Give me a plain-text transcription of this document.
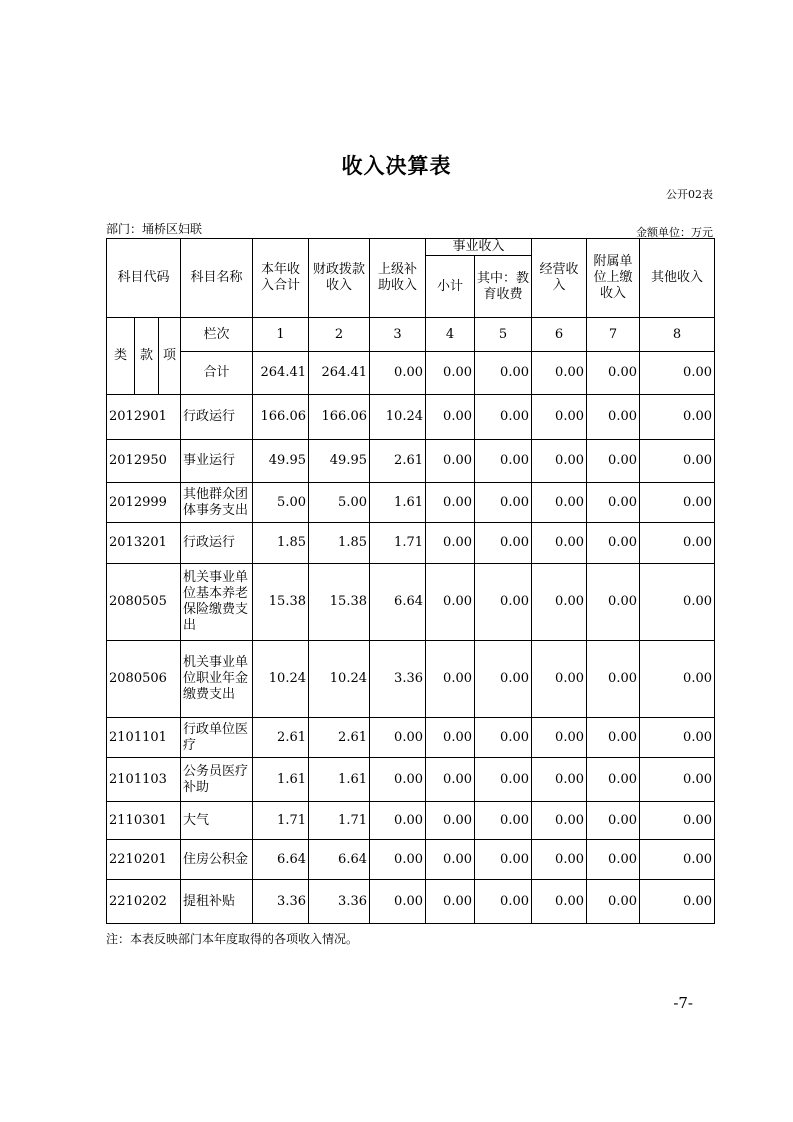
收入决算表
公开02表
部门：埇桥区妇联	金额单位：万元
科目代码			科目名称	本年收入合计	财政拨款收入	上级补助收入	事业收入		经营收入	附属单位上缴收入	其他收入
							小计	其中：教育收费			
类	款	项	栏次	1	2	3	4	5	6	7	8
			合计	264.41	264.41	0.00	0.00	0.00	0.00	0.00	0.00
2012901			行政运行	166.06	166.06	10.24	0.00	0.00	0.00	0.00	0.00
2012950			事业运行	49.95	49.95	2.61	0.00	0.00	0.00	0.00	0.00
2012999			其他群众团体事务支出	5.00	5.00	1.61	0.00	0.00	0.00	0.00	0.00
2013201			行政运行	1.85	1.85	1.71	0.00	0.00	0.00	0.00	0.00
2080505			机关事业单位基本养老保险缴费支出	15.38	15.38	6.64	0.00	0.00	0.00	0.00	0.00
2080506			机关事业单位职业年金缴费支出	10.24	10.24	3.36	0.00	0.00	0.00	0.00	0.00
2101101			行政单位医疗	2.61	2.61	0.00	0.00	0.00	0.00	0.00	0.00
2101103			公务员医疗补助	1.61	1.61	0.00	0.00	0.00	0.00	0.00	0.00
2110301			大气	1.71	1.71	0.00	0.00	0.00	0.00	0.00	0.00
2210201			住房公积金	6.64	6.64	0.00	0.00	0.00	0.00	0.00	0.00
2210202			提租补贴	3.36	3.36	0.00	0.00	0.00	0.00	0.00	0.00
注：本表反映部门本年度取得的各项收入情况。
-7-
